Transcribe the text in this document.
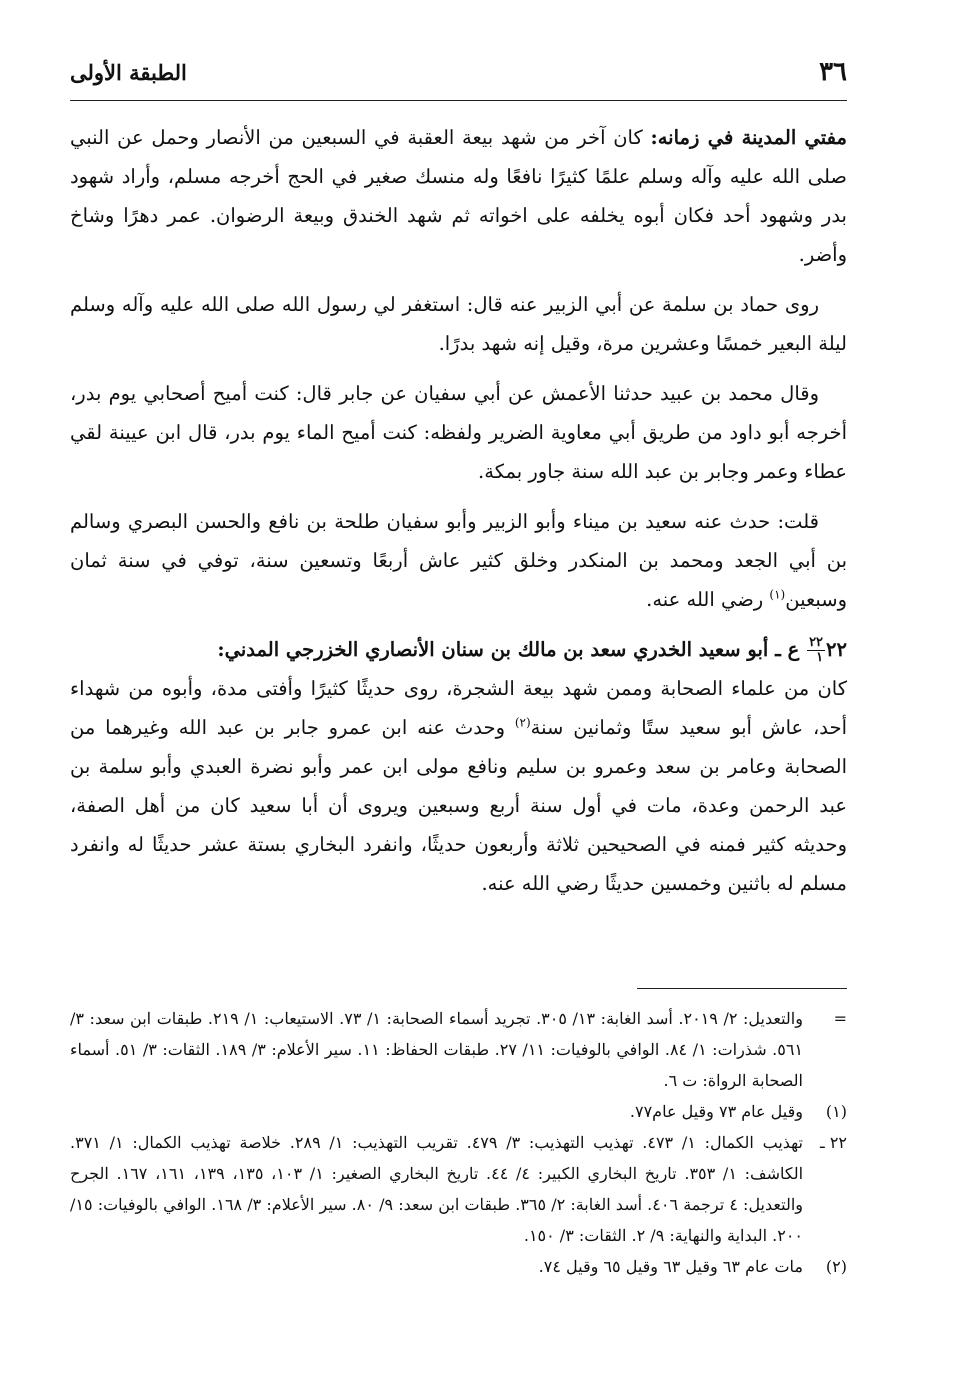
٣٦
الطبقة الأولى

مفتي المدينة في زمانه: كان آخر من شهد بيعة العقبة في السبعين من الأنصار وحمل عن النبي صلى الله عليه وآله وسلم علمًا كثيرًا نافعًا وله منسك صغير في الحج أخرجه مسلم، وأراد شهود بدر وشهود أحد فكان أبوه يخلفه على اخواته ثم شهد الخندق وبيعة الرضوان. عمر دهرًا وشاخ وأضر.

روى حماد بن سلمة عن أبي الزبير عنه قال: استغفر لي رسول الله صلى الله عليه وآله وسلم ليلة البعير خمسًا وعشرين مرة، وقيل إنه شهد بدرًا.

وقال محمد بن عبيد حدثنا الأعمش عن أبي سفيان عن جابر قال: كنت أميح أصحابي يوم بدر، أخرجه أبو داود من طريق أبي معاوية الضرير ولفظه: كنت أميح الماء يوم بدر، قال ابن عيينة لقي عطاء وعمر وجابر بن عبد الله سنة جاور بمكة.

قلت: حدث عنه سعيد بن ميناء وأبو الزبير وأبو سفيان طلحة بن نافع والحسن البصري وسالم بن أبي الجعد ومحمد بن المنكدر وخلق كثير عاش أربعًا وتسعين سنة، توفي في سنة ثمان وسبعين$^{(١)}$ رضي الله عنه.

٢٢
$\frac{٢٢}{١}$
ع ـ أبو سعيد الخدري سعد بن مالك بن سنان الأنصاري الخزرجي المدني:

كان من علماء الصحابة وممن شهد بيعة الشجرة، روى حديثًا كثيرًا وأفتى مدة، وأبوه من شهداء أحد، عاش أبو سعيد ستًا وثمانين سنة$^{(٢)}$ وحدث عنه ابن عمرو جابر بن عبد الله وغيرهما من الصحابة وعامر بن سعد وعمرو بن سليم ونافع مولى ابن عمر وأبو نضرة العبدي وأبو سلمة بن عبد الرحمن وعدة، مات في أول سنة أربع وسبعين ويروى أن أبا سعيد كان من أهل الصفة، وحديثه كثير فمنه في الصحيحين ثلاثة وأربعون حديثًا، وانفرد البخاري بستة عشر حديثًا له وانفرد مسلم له باثنين وخمسين حديثًا رضي الله عنه.

=
والتعديل: ٢/ ٢٠١٩. أسد الغابة: ١٣/ ٣٠٥. تجريد أسماء الصحابة: ١/ ٧٣. الاستيعاب: ١/ ٢١٩. طبقات ابن سعد: ٣/ ٥٦١. شذرات: ١/ ٨٤. الوافي بالوفيات: ١١/ ٢٧. طبقات الحفاظ: ١١. سير الأعلام: ٣/ ١٨٩. الثقات: ٣/ ٥١. أسماء الصحابة الرواة: ت ٦.

(١)
وقيل عام ٧٣ وقيل عام٧٧.

٢٢ ـ
تهذيب الكمال: ١/ ٤٧٣. تهذيب التهذيب: ٣/ ٤٧٩. تقريب التهذيب: ١/ ٢٨٩. خلاصة تهذيب الكمال: ١/ ٣٧١. الكاشف: ١/ ٣٥٣. تاريخ البخاري الكبير: ٤/ ٤٤. تاريخ البخاري الصغير: ١/ ١٠٣، ١٣٥، ١٣٩، ١٦١، ١٦٧. الجرح والتعديل: ٤ ترجمة ٤٠٦. أسد الغابة: ٢/ ٣٦٥. طبقات ابن سعد: ٩/ ٨٠. سير الأعلام: ٣/ ١٦٨. الوافي بالوفيات: ١٥/ ٢٠٠. البداية والنهاية: ٩/ ٢. الثقات: ٣/ ١٥٠.

(٢)
مات عام ٦٣ وقيل ٦٣ وقيل ٦٥ وقيل ٧٤.
